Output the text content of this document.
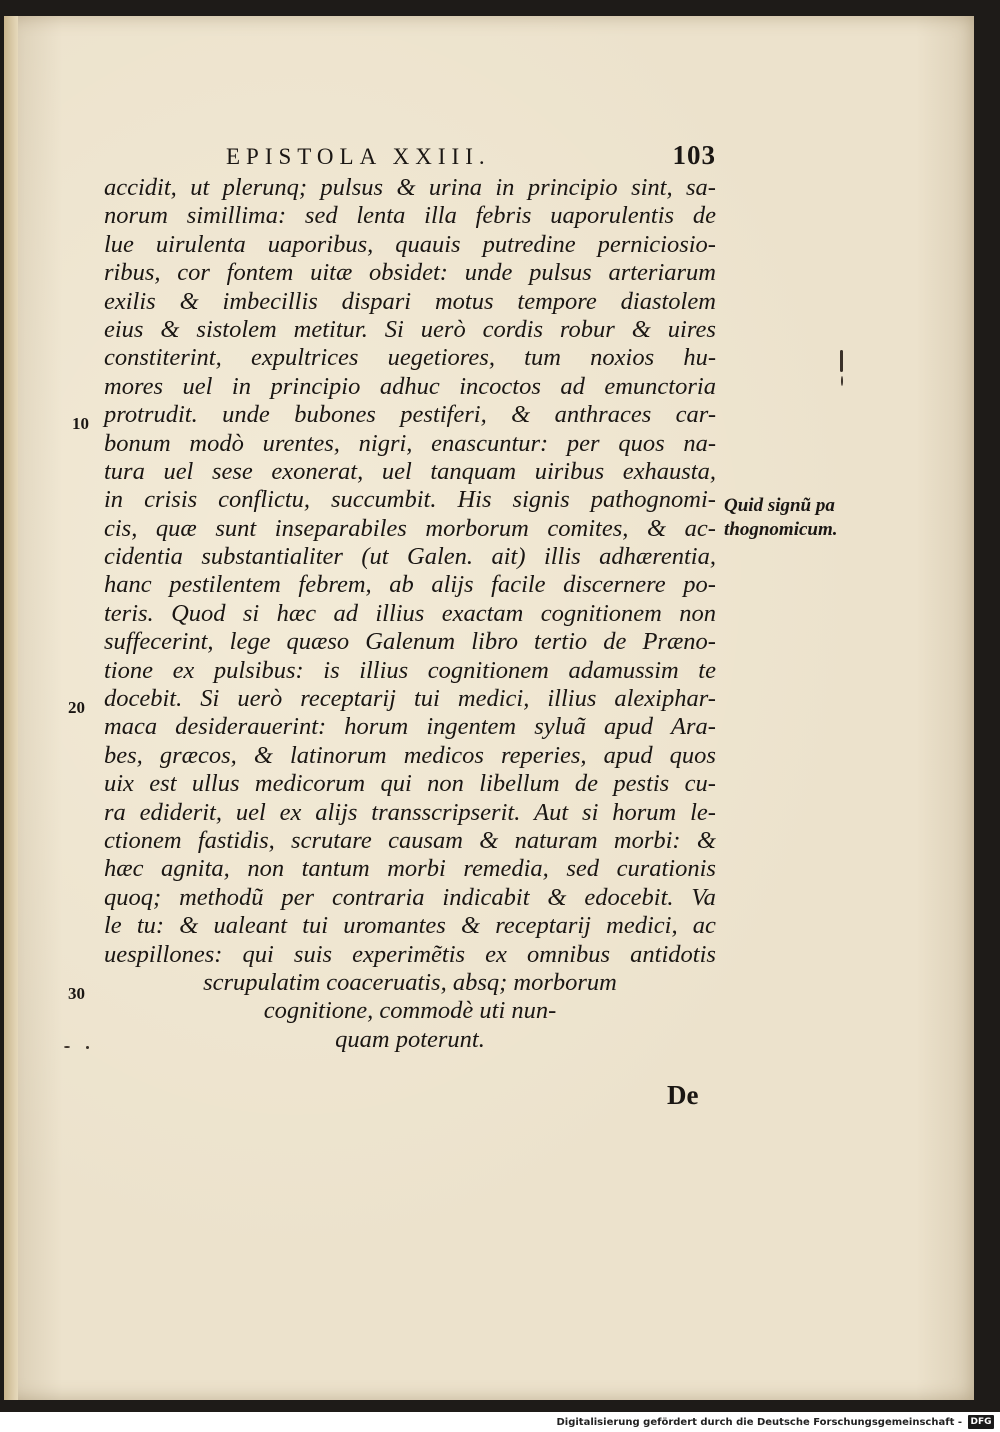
EPISTOLA XXIII.	103
accidit, ut plerunq; pulsus & urina in principio sint, sa-
norum simillima: sed lenta illa febris uaporulentis de
lue uirulenta uaporibus, quauis putredine perniciosio-
ribus, cor fontem uitæ obsidet: unde pulsus arteriarum
exilis & imbecillis dispari motus tempore diastolem
eius & sistolem metitur. Si uerò cordis robur & uires
constiterint, expultrices uegetiores, tum noxios hu-
mores uel in principio adhuc incoctos ad emunctoria
protrudit. unde bubones pestiferi, & anthraces car-
bonum modò urentes, nigri, enascuntur: per quos na-
tura uel sese exonerat, uel tanquam uiribus exhausta,
in crisis conflictu, succumbit. His signis pathognomi-
cis, quæ sunt inseparabiles morborum comites, & ac-
cidentia substantialiter (ut Galen. ait) illis adhærentia,
hanc pestilentem febrem, ab alijs facile discernere po-
teris. Quod si hæc ad illius exactam cognitionem non
suffecerint, lege quæso Galenum libro tertio de Præno-
tione ex pulsibus: is illius cognitionem adamussim te
docebit. Si uerò receptarij tui medici, illius alexiphar-
maca desiderauerint: horum ingentem syluã apud Ara-
bes, græcos, & latinorum medicos reperies, apud quos
uix est ullus medicorum qui non libellum de pestis cu-
ra ediderit, uel ex alijs transscripserit. Aut si horum le-
ctionem fastidis, scrutare causam & naturam morbi: &
hæc agnita, non tantum morbi remedia, sed curationis
quoq; methodũ per contraria indicabit & edocebit. Va
le tu: & ualeant tui uromantes & receptarij medici, ac
uespillones: qui suis experimẽtis ex omnibus antidotis
scrupulatim coaceruatis, absq; morborum
cognitione, commodè uti nun-
quam poterunt.
Quid signũ pa
thognomicum.
10
20
30
De
Digitalisierung gefördert durch die Deutsche Forschungsgemeinschaft - DFG
